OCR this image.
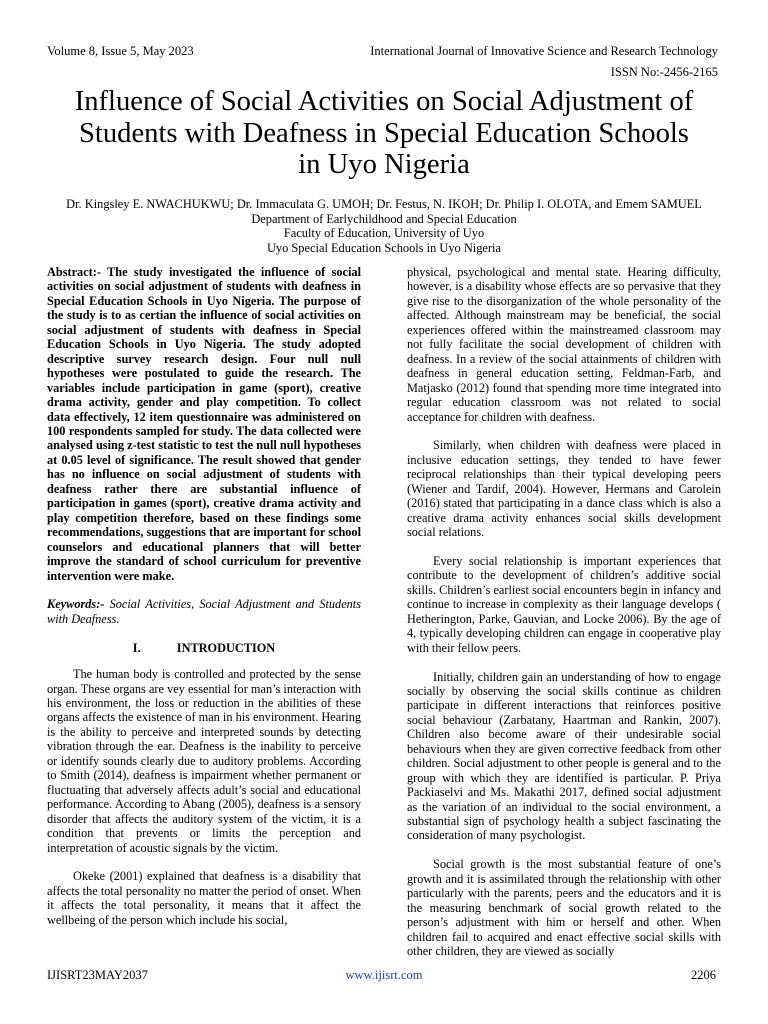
Volume 8, Issue 5, May 2023	International Journal of Innovative Science and Research Technology
ISSN No:-2456-2165
Influence of Social Activities on Social Adjustment of
Students with Deafness in Special Education Schools
in Uyo Nigeria
Dr. Kingsley E. NWACHUKWU; Dr. Immaculata G. UMOH; Dr. Festus, N. IKOH; Dr. Philip I. OLOTA, and Emem SAMUEL
Department of Earlychildhood and Special Education
Faculty of Education, University of Uyo
Uyo Special Education Schools in Uyo Nigeria

Abstract:- The study investigated the influence of social activities on social adjustment of students with deafness in Special Education Schools in Uyo Nigeria. The purpose of the study is to as certian the influence of social activities on social adjustment of students with deafness in Special Education Schools in Uyo Nigeria. The study adopted descriptive survey research design. Four null null hypotheses were postulated to guide the research. The variables include participation in game (sport), creative drama activity, gender and play competition. To collect data effectively, 12 item questionnaire was administered on 100 respondents sampled for study. The data collected were analysed using z-test statistic to test the null null hypotheses at 0.05 level of significance. The result showed that gender has no influence on social adjustment of students with deafness rather there are substantial influence of participation in games (sport), creative drama activity and play competition therefore, based on these findings some recommendations, suggestions that are important for school counselors and educational planners that will better improve the standard of school curriculum for preventive intervention were make.

Keywords:- Social Activities, Social Adjustment and Students with Deafness.

I.	INTRODUCTION

The human body is controlled and protected by the sense organ. These organs are vey essential for man’s interaction with his environment, the loss or reduction in the abilities of these organs affects the existence of man in his environment. Hearing is the ability to perceive and interpreted sounds by detecting vibration through the ear. Deafness is the inability to perceive or identify sounds clearly due to auditory problems. According to Smith (2014), deafness is impairment whether permanent or fluctuating that adversely affects adult’s social and educational performance. According to Abang (2005), deafness is a sensory disorder that affects the auditory system of the victim, it is a condition that prevents or limits the perception and interpretation of acoustic signals by the victim.

Okeke (2001) explained that deafness is a disability that affects the total personality no matter the period of onset. When it affects the total personality, it means that it affect the wellbeing of the person which include his social,

physical, psychological and mental state. Hearing difficulty, however, is a disability whose effects are so pervasive that they give rise to the disorganization of the whole personality of the affected. Although mainstream may be beneficial, the social experiences offered within the mainstreamed classroom may not fully facilitate the social development of children with deafness. In a review of the social attainments of children with deafness in general education setting, Feldman-Farb, and Matjasko (2012) found that spending more time integrated into regular education classroom was not related to social acceptance for children with deafness.

Similarly, when children with deafness were placed in inclusive education settings, they tended to have fewer reciprocal relationships than their typical developing peers (Wiener and Tardif, 2004). However, Hermans and Carolein (2016) stated that participating in a dance class which is also a creative drama activity enhances social skills development social relations.

Every social relationship is important experiences that contribute to the development of children’s additive social skills. Children’s earliest social encounters begin in infancy and continue to increase in complexity as their language develops ( Hetherington, Parke, Gauvian, and Locke 2006). By the age of 4, typically developing children can engage in cooperative play with their fellow peers.

Initially, children gain an understanding of how to engage socially by observing the social skills continue as children participate in different interactions that reinforces positive social behaviour (Zarbatany, Haartman and Rankin, 2007). Children also become aware of their undesirable social behaviours when they are given corrective feedback from other children. Social adjustment to other people is general and to the group with which they are identified is particular. P. Priya Packiaselvi and Ms. Makathi 2017, defined social adjustment as the variation of an individual to the social environment, a substantial sign of psychology health a subject fascinating the consideration of many psychologist.

Social growth is the most substantial feature of one’s growth and it is assimilated through the relationship with other particularly with the parents, peers and the educators and it is the measuring benchmark of social growth related to the person’s adjustment with him or herself and other. When children fail to acquired and enact effective social skills with other children, they are viewed as socially

IJISRT23MAY2037	www.ijisrt.com	2206
